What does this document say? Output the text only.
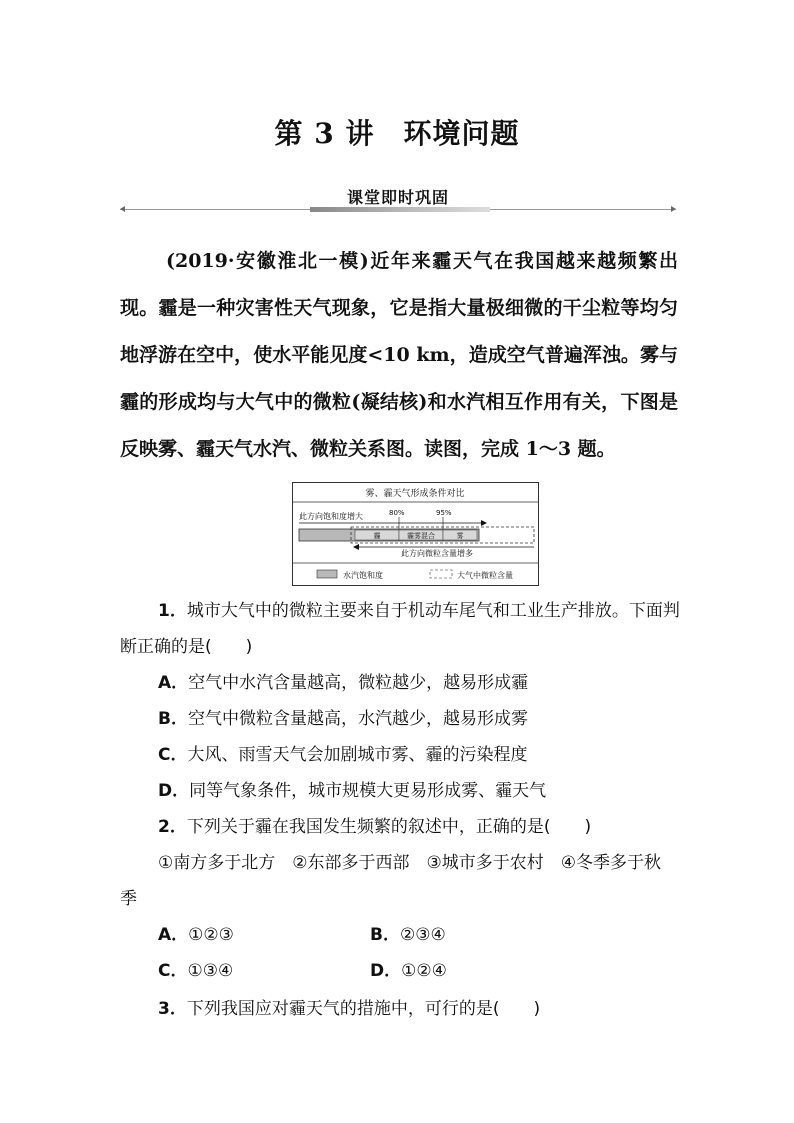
第 3 讲　环境问题
课堂即时巩固
(2019·安徽淮北一模)近年来霾天气在我国越来越频繁出现。霾是一种灾害性天气现象，它是指大量极细微的干尘粒等均匀地浮游在空中，使水平能见度<10 km，造成空气普遍浑浊。雾与霾的形成均与大气中的微粒(凝结核)和水汽相互作用有关，下图是反映雾、霾天气水汽、微粒关系图。读图，完成 1～3 题。
雾、霾天气形成条件对比
此方向饱和度增大	80%	95%
霾	霾雾混合	雾
此方向微粒含量增多
水汽饱和度	大气中微粒含量
1．城市大气中的微粒主要来自于机动车尾气和工业生产排放。下面判断正确的是(　　)
A．空气中水汽含量越高，微粒越少，越易形成霾
B．空气中微粒含量越高，水汽越少，越易形成雾
C．大风、雨雪天气会加剧城市雾、霾的污染程度
D．同等气象条件，城市规模大更易形成雾、霾天气
2．下列关于霾在我国发生频繁的叙述中，正确的是(　　)
①南方多于北方　②东部多于西部　③城市多于农村　④冬季多于秋季
A．①②③	B．②③④
C．①③④	D．①②④
3．下列我国应对霾天气的措施中，可行的是(　　)
